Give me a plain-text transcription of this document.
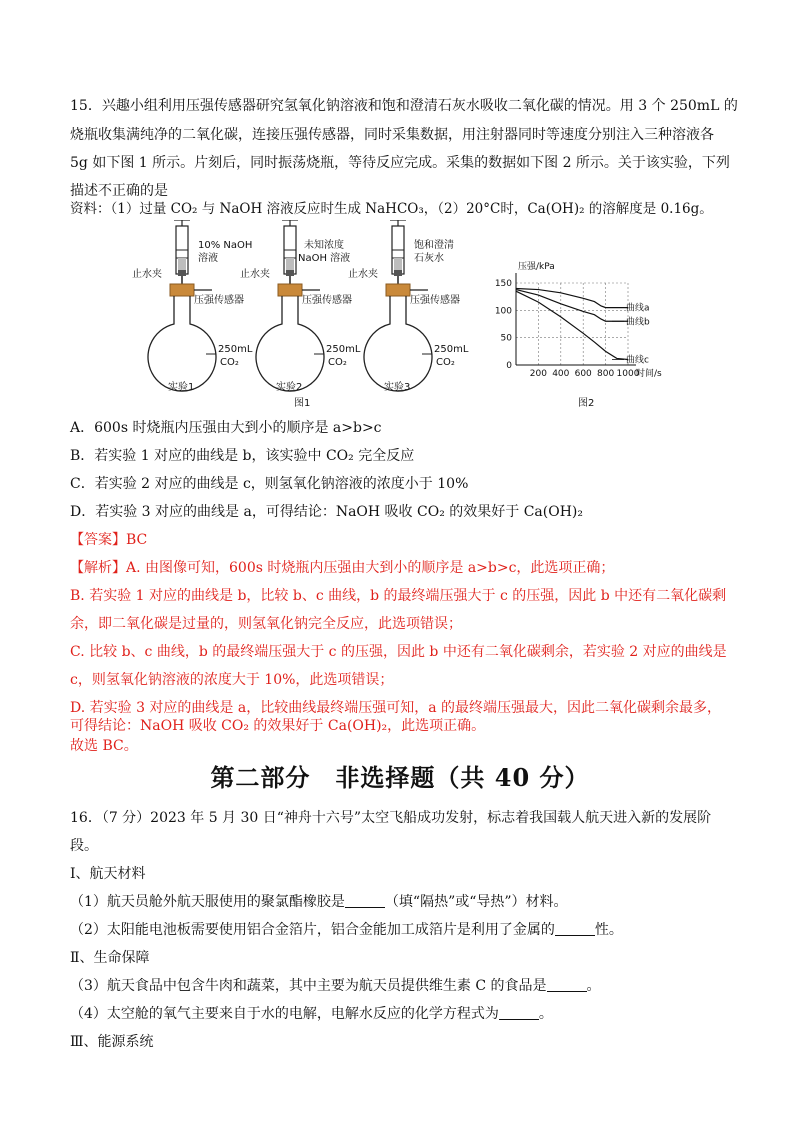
15．兴趣小组利用压强传感器研究氢氧化钠溶液和饱和澄清石灰水吸收二氧化碳的情况。用 3 个 250mL 的
烧瓶收集满纯净的二氧化碳，连接压强传感器，同时采集数据，用注射器同时等速度分别注入三种溶液各
5g 如下图 1 所示。片刻后，同时振荡烧瓶，等待反应完成。采集的数据如下图 2 所示。关于该实验，下列
描述不正确的是
资料：（1）过量 CO₂ 与 NaOH 溶液反应时生成 NaHCO₃，（2）20°C时，Ca(OH)₂ 的溶解度是 0.16g。
10% NaOH
溶液
止水夹
压强传感器
250mL
CO₂
实验1
未知浓度
NaOH 溶液
止水夹
压强传感器
250mL
CO₂
实验2
饱和澄清
石灰水
止水夹
压强传感器
250mL
CO₂
实验3
图1
200 400 600 800 1000
0
50
100
150
压强/kPa
时间/s
曲线a
曲线b
曲线c
图2
A．600s 时烧瓶内压强由大到小的顺序是 a>b>c
B．若实验 1 对应的曲线是 b，该实验中 CO₂ 完全反应
C．若实验 2 对应的曲线是 c，则氢氧化钠溶液的浓度小于 10%
D．若实验 3 对应的曲线是 a，可得结论：NaOH 吸收 CO₂ 的效果好于 Ca(OH)₂
【答案】BC
【解析】A. 由图像可知，600s 时烧瓶内压强由大到小的顺序是 a>b>c，此选项正确；
B. 若实验 1 对应的曲线是 b，比较 b、c 曲线，b 的最终端压强大于 c 的压强，因此 b 中还有二氧化碳剩
余，即二氧化碳是过量的，则氢氧化钠完全反应，此选项错误；
C. 比较 b、c 曲线，b 的最终端压强大于 c 的压强，因此 b 中还有二氧化碳剩余，若实验 2 对应的曲线是
c，则氢氧化钠溶液的浓度大于 10%，此选项错误；
D. 若实验 3 对应的曲线是 a，比较曲线最终端压强可知，a 的最终端压强最大，因此二氧化碳剩余最多，
可得结论：NaOH 吸收 CO₂ 的效果好于 Ca(OH)₂，此选项正确。
故选 BC。
第二部分　非选择题（共 40 分）
16．（7 分）2023 年 5 月 30 日“神舟十六号”太空飞船成功发射，标志着我国载人航天进入新的发展阶
段。
Ⅰ、航天材料
（1）航天员舱外航天服使用的聚氯酯橡胶是	（填“隔热”或“导热”）材料。
（2）太阳能电池板需要使用铝合金箔片，铝合金能加工成箔片是利用了金属的	性。
Ⅱ、生命保障
（3）航天食品中包含牛肉和蔬菜，其中主要为航天员提供维生素 C 的食品是	。
（4）太空舱的氧气主要来自于水的电解，电解水反应的化学方程式为	。
Ⅲ、能源系统
